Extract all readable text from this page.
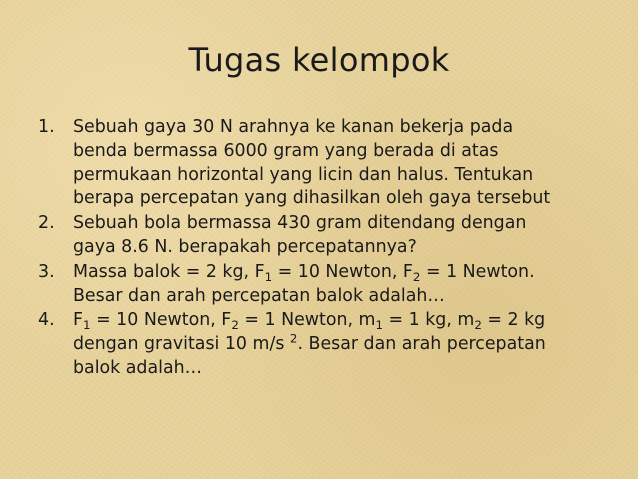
Tugas kelompok
1. Sebuah gaya 30 N arahnya ke kanan bekerja pada
benda bermassa 6000 gram yang berada di atas
permukaan horizontal yang licin dan halus. Tentukan
berapa percepatan yang dihasilkan oleh gaya tersebut
2. Sebuah bola bermassa 430 gram ditendang dengan
gaya 8.6 N. berapakah percepatannya?
3. Massa balok = 2 kg, $F_1 = 10$ Newton, $F_2 = 1$ Newton.
Besar dan arah percepatan balok adalah…
4. $F_1 = 10$ Newton, $F_2 = 1$ Newton, $m_1 = 1$ kg, $m_2 = 2$ kg
dengan gravitasi 10 m/s $^2$. Besar dan arah percepatan
balok adalah…
